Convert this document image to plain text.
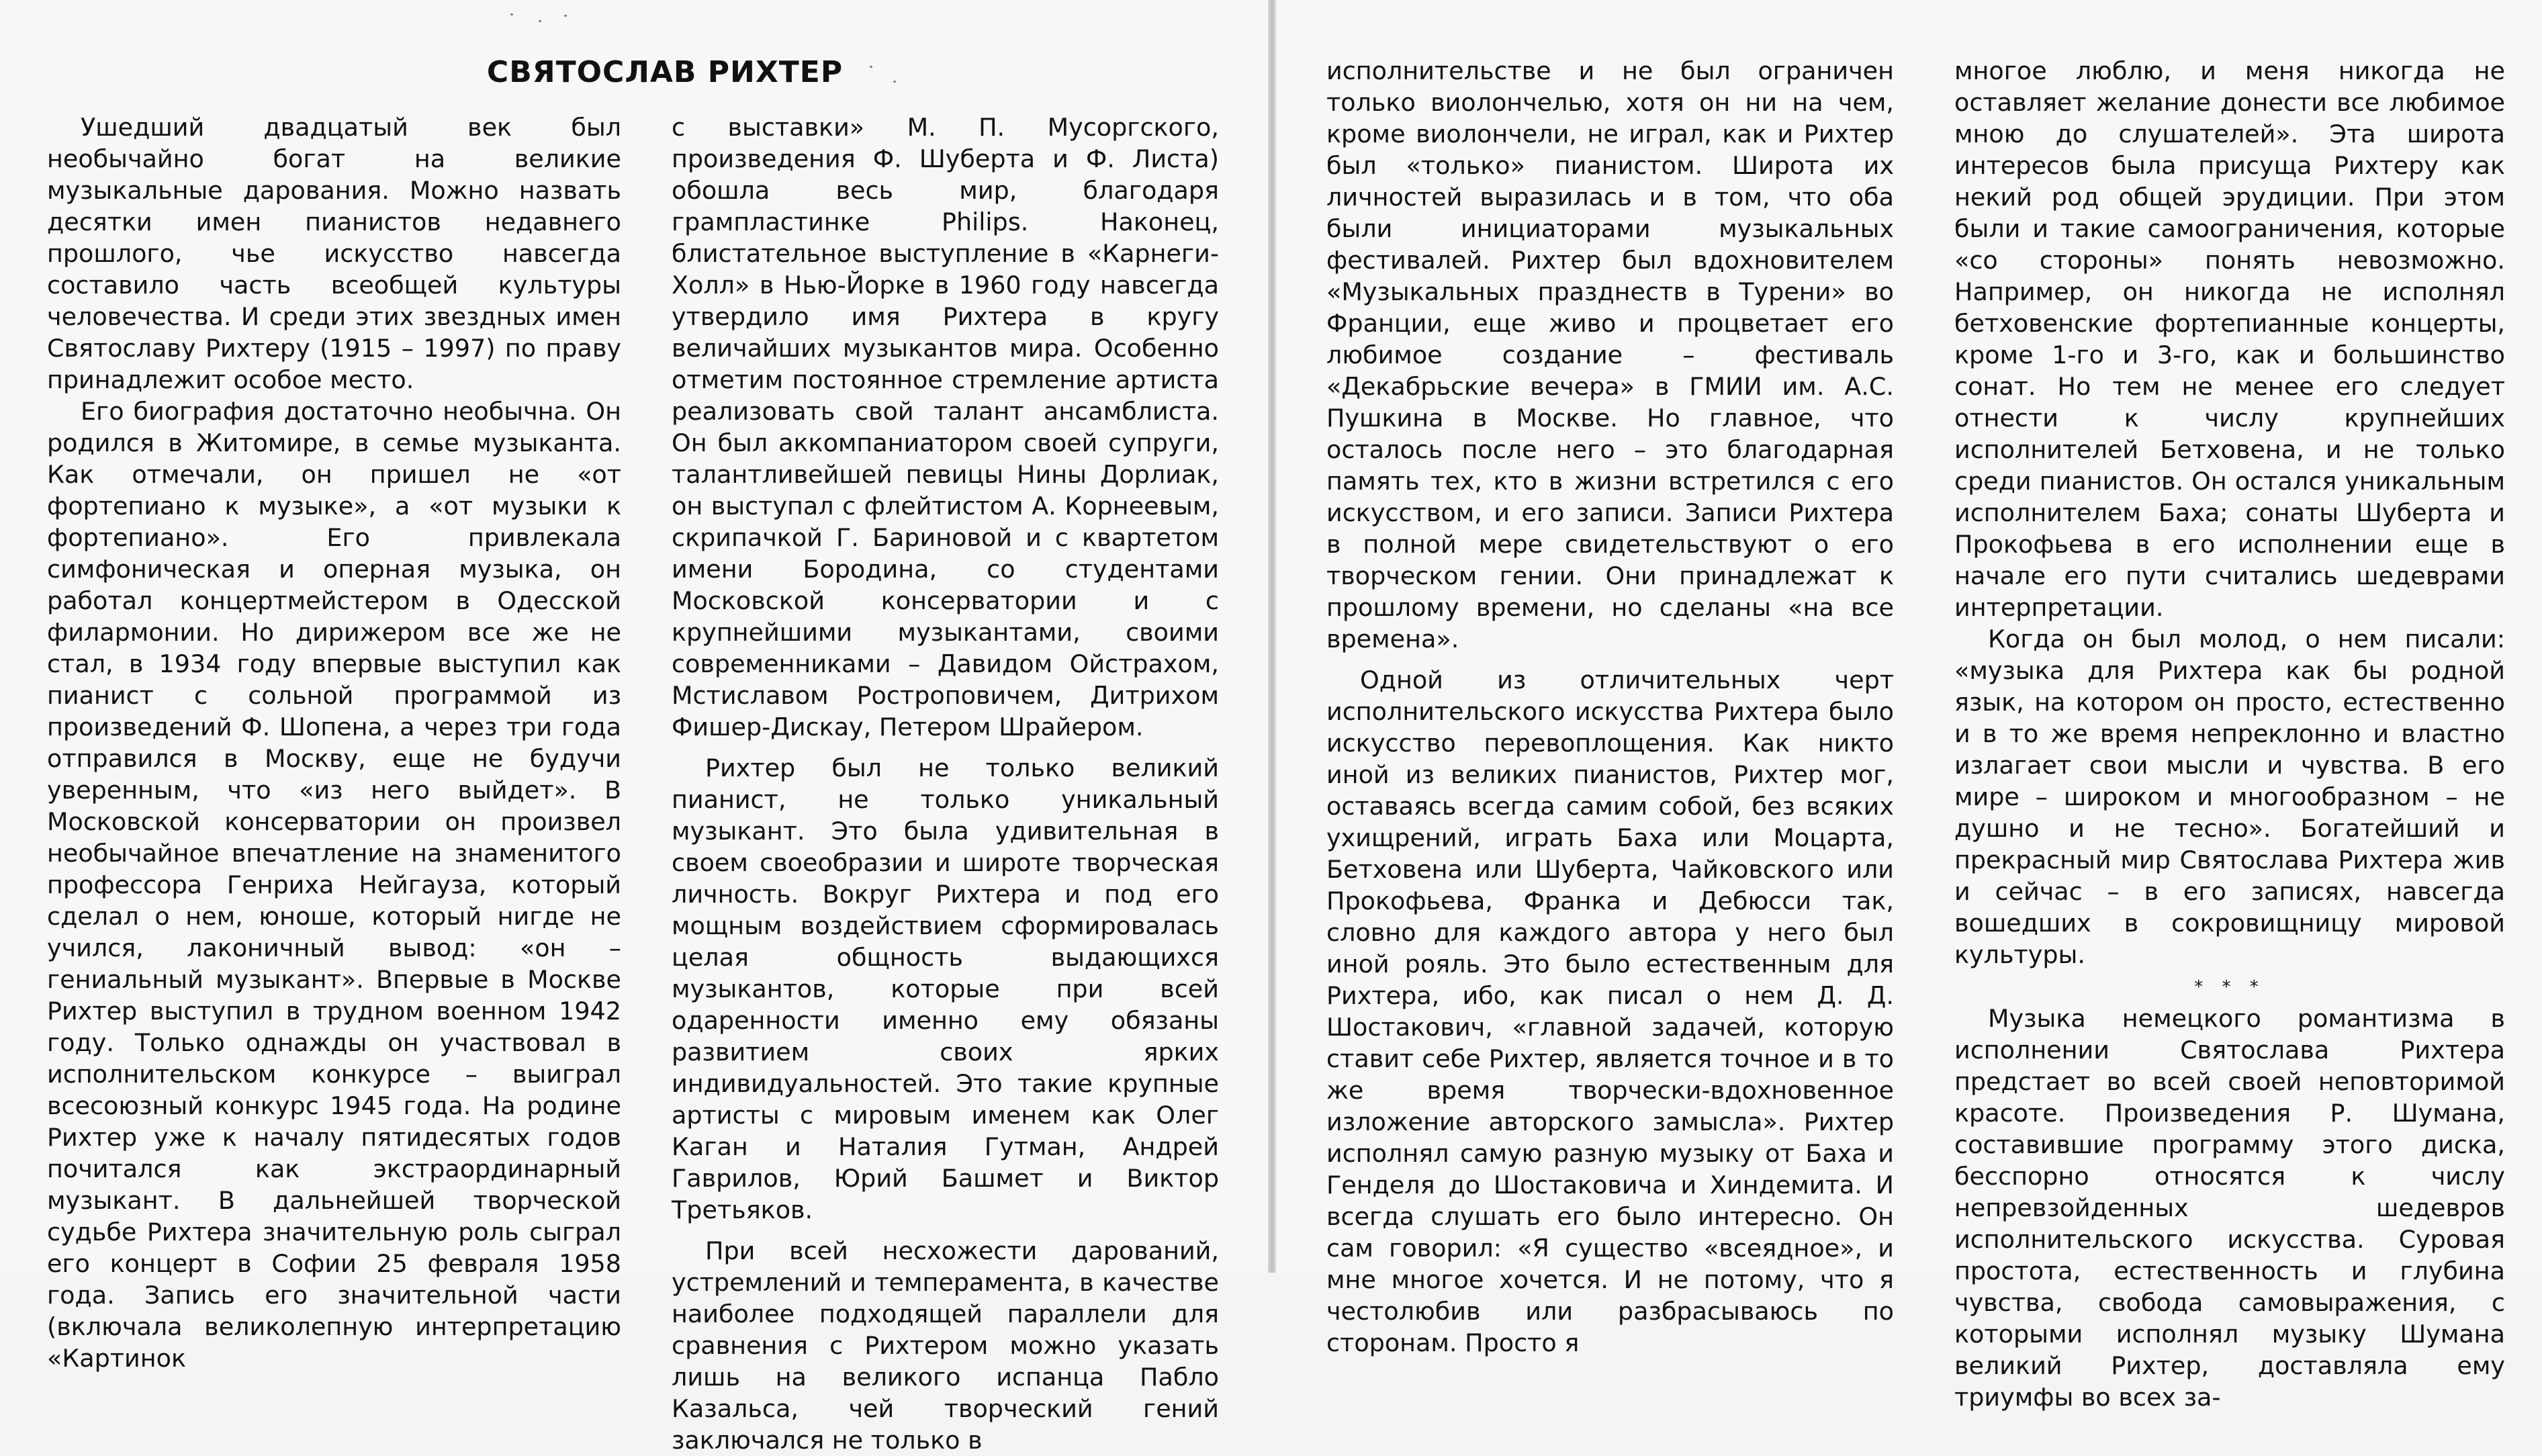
СВЯТОСЛАВ РИХТЕР

Ушедший двадцатый век был необычайно богат на великие музыкальные дарования. Можно назвать десятки имен пианистов недавнего прошлого, чье искусство навсегда составило часть всеобщей культуры человечества. И среди этих звездных имен Святославу Рихтеру (1915 – 1997) по праву принадлежит особое место.

Его биография достаточно необычна. Он родился в Житомире, в семье музыканта. Как отмечали, он пришел не «от фортепиано к музыке», а «от музыки к фортепиано». Его привлекала симфоническая и оперная музыка, он работал концертмейстером в Одесской филармонии. Но дирижером все же не стал, в 1934 году впервые выступил как пианист с сольной программой из произведений Ф. Шопена, а через три года отправился в Москву, еще не будучи уверенным, что «из него выйдет». В Московской консерватории он произвел необычайное впечатление на знаменитого профессора Генриха Нейгауза, который сделал о нем, юноше, который нигде не учился, лаконичный вывод: «он – гениальный музыкант». Впервые в Москве Рихтер выступил в трудном военном 1942 году. Только однажды он участвовал в исполнительском конкурсе – выиграл всесоюзный конкурс 1945 года. На родине Рихтер уже к началу пятидесятых годов почитался как экстраординарный музыкант. В дальнейшей творческой судьбе Рихтера значительную роль сыграл его концерт в Софии 25 февраля 1958 года. Запись его значительной части (включала великолепную интерпретацию «Картинок

с выставки» М. П. Мусоргского, произведения Ф. Шуберта и Ф. Листа) обошла весь мир, благодаря грампластинке Philips. Наконец, блистательное выступление в «Карнеги-Холл» в Нью-Йорке в 1960 году навсегда утвердило имя Рихтера в кругу величайших музыкантов мира. Особенно отметим постоянное стремление артиста реализовать свой талант ансамблиста. Он был аккомпаниатором своей супруги, талантливейшей певицы Нины Дорлиак, он выступал с флейтистом А. Корнеевым, скрипачкой Г. Бариновой и с квартетом имени Бородина, со студентами Московской консерватории и с крупнейшими музыкантами, своими современниками – Давидом Ойстрахом, Мстиславом Ростроповичем, Дитрихом Фишер-Дискау, Петером Шрайером.

Рихтер был не только великий пианист, не только уникальный музыкант. Это была удивительная в своем своеобразии и широте творческая личность. Вокруг Рихтера и под его мощным воздействием сформировалась целая общность выдающихся музыкантов, которые при всей одаренности именно ему обязаны развитием своих ярких индивидуальностей. Это такие крупные артисты с мировым именем как Олег Каган и Наталия Гутман, Андрей Гаврилов, Юрий Башмет и Виктор Третьяков.

При всей несхожести дарований, устремлений и темперамента, в качестве наиболее подходящей параллели для сравнения с Рихтером можно указать лишь на великого испанца Пабло Казальса, чей творческий гений заключался не только в

исполнительстве и не был ограничен только виолончелью, хотя он ни на чем, кроме виолончели, не играл, как и Рихтер был «только» пианистом. Широта их личностей выразилась и в том, что оба были инициаторами музыкальных фестивалей. Рихтер был вдохновителем «Музыкальных празднеств в Турени» во Франции, еще живо и процветает его любимое создание – фестиваль «Декабрьские вечера» в ГМИИ им. А.С. Пушкина в Москве. Но главное, что осталось после него – это благодарная память тех, кто в жизни встретился с его искусством, и его записи. Записи Рихтера в полной мере свидетельствуют о его творческом гении. Они принадлежат к прошлому времени, но сделаны «на все времена».

Одной из отличительных черт исполнительского искусства Рихтера было искусство перевоплощения. Как никто иной из великих пианистов, Рихтер мог, оставаясь всегда самим собой, без всяких ухищрений, играть Баха или Моцарта, Бетховена или Шуберта, Чайковского или Прокофьева, Франка и Дебюсси так, словно для каждого автора у него был иной рояль. Это было естественным для Рихтера, ибо, как писал о нем Д. Д. Шостакович, «главной задачей, которую ставит себе Рихтер, является точное и в то же время творчески-вдохновенное изложение авторского замысла». Рихтер исполнял самую разную музыку от Баха и Генделя до Шостаковича и Хиндемита. И всегда слушать его было интересно. Он сам говорил: «Я существо «всеядное», и мне многое хочется. И не потому, что я честолюбив или разбрасываюсь по сторонам. Просто я

многое люблю, и меня никогда не оставляет желание донести все любимое мною до слушателей». Эта широта интересов была присуща Рихтеру как некий род общей эрудиции. При этом были и такие самоограничения, которые «со стороны» понять невозможно. Например, он никогда не исполнял бетховенские фортепианные концерты, кроме 1-го и 3-го, как и большинство сонат. Но тем не менее его следует отнести к числу крупнейших исполнителей Бетховена, и не только среди пианистов. Он остался уникальным исполнителем Баха; сонаты Шуберта и Прокофьева в его исполнении еще в начале его пути считались шедеврами интерпретации.

Когда он был молод, о нем писали: «музыка для Рихтера как бы родной язык, на котором он просто, естественно и в то же время непреклонно и властно излагает свои мысли и чувства. В его мире – широком и многообразном – не душно и не тесно». Богатейший и прекрасный мир Святослава Рихтера жив и сейчас – в его записях, навсегда вошедших в сокровищницу мировой культуры.

* * *

Музыка немецкого романтизма в исполнении Святослава Рихтера предстает во всей своей неповторимой красоте. Произведения Р. Шумана, составившие программу этого диска, бесспорно относятся к числу непревзойденных шедевров исполнительского искусства. Суровая простота, естественность и глубина чувства, свобода самовыражения, с которыми исполнял музыку Шумана великий Рихтер, доставляла ему триумфы во всех за-
